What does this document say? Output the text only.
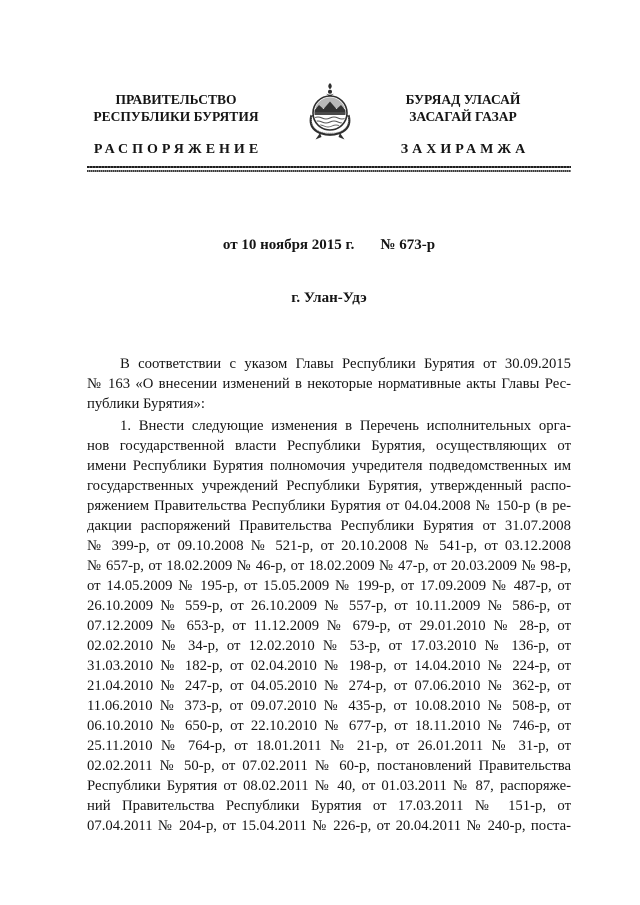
ПРАВИТЕЛЬСТВО
РЕСПУБЛИКИ БУРЯТИЯ
РАСПОРЯЖЕНИЕ
БУРЯАД УЛАСАЙ
ЗАСАГАЙ ГАЗАР
ЗАХИРАМЖА
от 10 ноября 2015 г. № 673-р
г. Улан-Удэ
В соответствии с указом Главы Республики Бурятия от 30.09.2015
№ 163 «О внесении изменений в некоторые нормативные акты Главы Рес-
публики Бурятия»:
1. Внести следующие изменения в Перечень исполнительных орга-
нов государственной власти Республики Бурятия, осуществляющих от
имени Республики Бурятия полномочия учредителя подведомственных им
государственных учреждений Республики Бурятия, утвержденный распо-
ряжением Правительства Республики Бурятия от 04.04.2008 № 150-р (в ре-
дакции распоряжений Правительства Республики Бурятия от 31.07.2008
№ 399-р, от 09.10.2008 № 521-р, от 20.10.2008 № 541-р, от 03.12.2008
№ 657-р, от 18.02.2009 № 46-р, от 18.02.2009 № 47-р, от 20.03.2009 № 98-р,
от 14.05.2009 № 195-р, от 15.05.2009 № 199-р, от 17.09.2009 № 487-р, от
26.10.2009 № 559-р, от 26.10.2009 № 557-р, от 10.11.2009 № 586-р, от
07.12.2009 № 653-р, от 11.12.2009 № 679-р, от 29.01.2010 № 28-р, от
02.02.2010 № 34-р, от 12.02.2010 № 53-р, от 17.03.2010 № 136-р, от
31.03.2010 № 182-р, от 02.04.2010 № 198-р, от 14.04.2010 № 224-р, от
21.04.2010 № 247-р, от 04.05.2010 № 274-р, от 07.06.2010 № 362-р, от
11.06.2010 № 373-р, от 09.07.2010 № 435-р, от 10.08.2010 № 508-р, от
06.10.2010 № 650-р, от 22.10.2010 № 677-р, от 18.11.2010 № 746-р, от
25.11.2010 № 764-р, от 18.01.2011 № 21-р, от 26.01.2011 № 31-р, от
02.02.2011 № 50-р, от 07.02.2011 № 60-р, постановлений Правительства
Республики Бурятия от 08.02.2011 № 40, от 01.03.2011 № 87, распоряже-
ний Правительства Республики Бурятия от 17.03.2011 № 151-р, от
07.04.2011 № 204-р, от 15.04.2011 № 226-р, от 20.04.2011 № 240-р, поста-
